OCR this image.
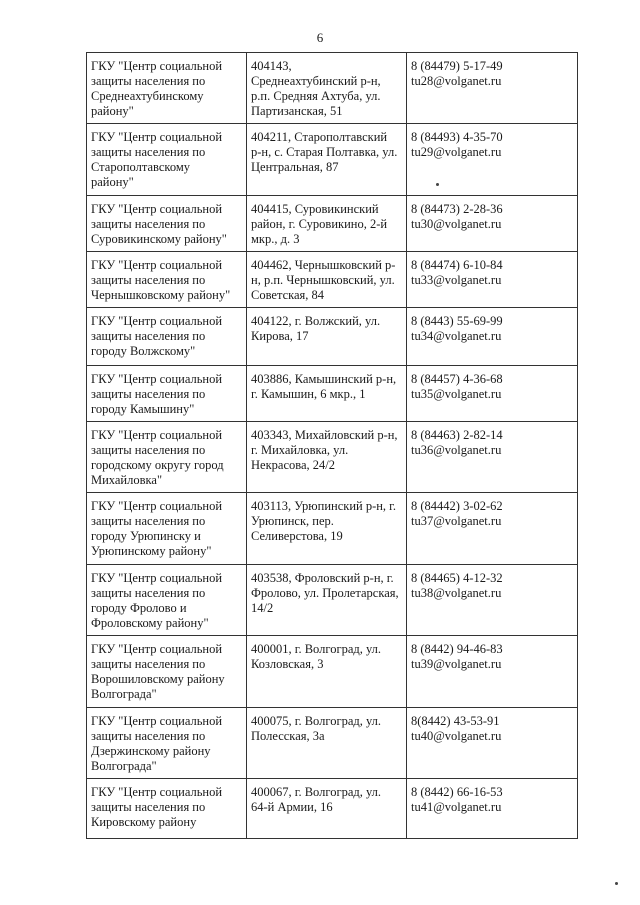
6
ГКУ "Центр социальной
защиты населения по
Среднеахтубинскому
району"	404143,
Среднеахтубинский р-н,
р.п. Средняя Ахтуба, ул.
Партизанская, 51	8 (84479) 5-17-49
tu28@volganet.ru

ГКУ "Центр социальной
защиты населения по
Старополтавскому
району"	404211, Старополтавский
р-н, с. Старая Полтавка, ул.
Центральная, 87	8 (84493) 4-35-70
tu29@volganet.ru

ГКУ "Центр социальной
защиты населения по
Суровикинскому району"	404415, Суровикинский
район, г. Суровикино, 2-й
мкр., д. 3	8 (84473) 2-28-36
tu30@volganet.ru

ГКУ "Центр социальной
защиты населения по
Чернышковскому району"	404462, Чернышковский р-
н, р.п. Чернышковский, ул.
Советская, 84	8 (84474) 6-10-84
tu33@volganet.ru

ГКУ "Центр социальной
защиты населения по
городу Волжскому"	404122, г. Волжский, ул.
Кирова, 17	8 (8443) 55-69-99
tu34@volganet.ru

ГКУ "Центр социальной
защиты населения по
городу Камышину"	403886, Камышинский р-н,
г. Камышин, 6 мкр., 1	8 (84457) 4-36-68
tu35@volganet.ru

ГКУ "Центр социальной
защиты населения по
городскому округу город
Михайловка"	403343, Михайловский р-н,
г. Михайловка, ул.
Некрасова, 24/2	8 (84463) 2-82-14
tu36@volganet.ru

ГКУ "Центр социальной
защиты населения по
городу Урюпинску и
Урюпинскому району"	403113, Урюпинский р-н, г.
Урюпинск, пер.
Селиверстова, 19	8 (84442) 3-02-62
tu37@volganet.ru

ГКУ "Центр социальной
защиты населения по
городу Фролово и
Фроловскому району"	403538, Фроловский р-н, г.
Фролово, ул. Пролетарская,
14/2	8 (84465) 4-12-32
tu38@volganet.ru

ГКУ "Центр социальной
защиты населения по
Ворошиловскому району
Волгограда"	400001, г. Волгоград, ул.
Козловская, 3	8 (8442) 94-46-83
tu39@volganet.ru

ГКУ "Центр социальной
защиты населения по
Дзержинскому району
Волгограда"	400075, г. Волгоград, ул.
Полесская, 3а	8(8442) 43-53-91
tu40@volganet.ru

ГКУ "Центр социальной
защиты населения по
Кировскому району	400067, г. Волгоград, ул.
64-й Армии, 16	8 (8442) 66-16-53
tu41@volganet.ru
